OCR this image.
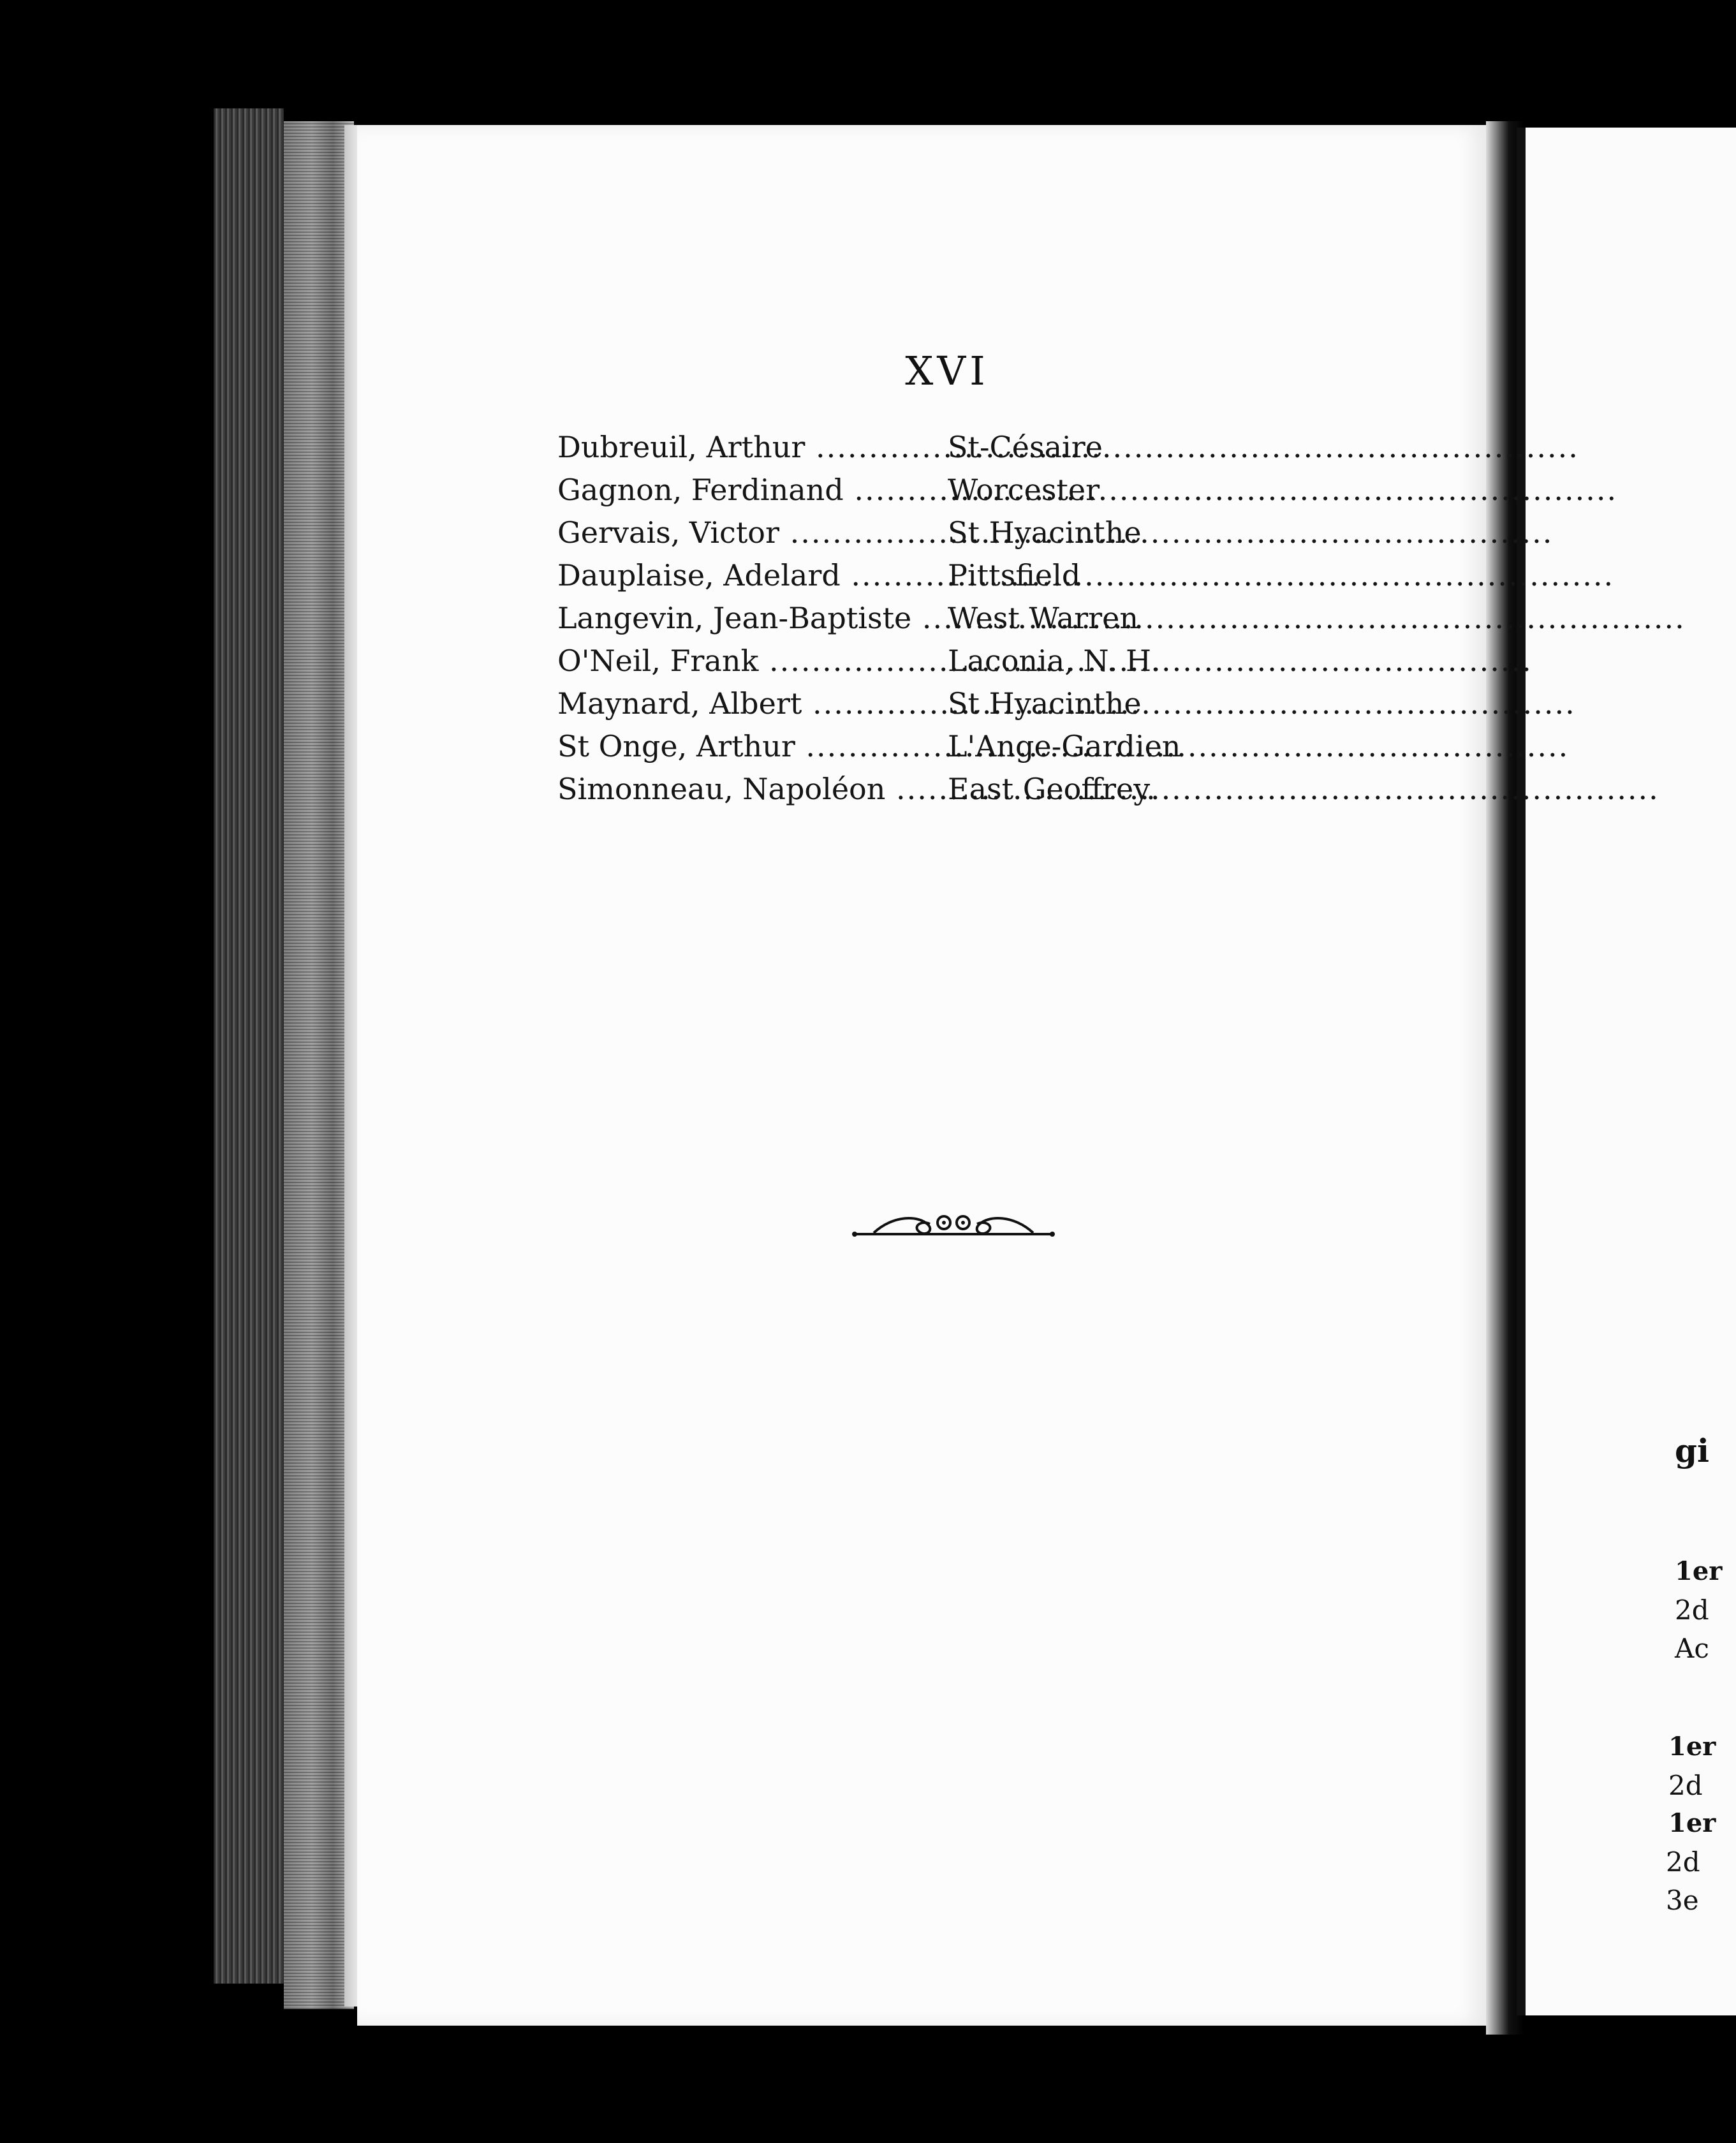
XVI
Dubreuil, Arthur .....	St-Césaire
Gagnon, Ferdinand .....	Worcester
Gervais, Victor .....	St Hyacinthe
Dauplaise, Adelard .....	Pittsfield
Langevin, Jean-Baptiste .....	West Warren
O'Neil, Frank .....	Laconia, N. H.
Maynard, Albert .....	St Hyacinthe
St Onge, Arthur .....	L'Ange-Gardien
Simonneau, Napoléon .....	East Geoffrey.
gi
1er
2d
Ac
1er
2d
1er
2d
3e
